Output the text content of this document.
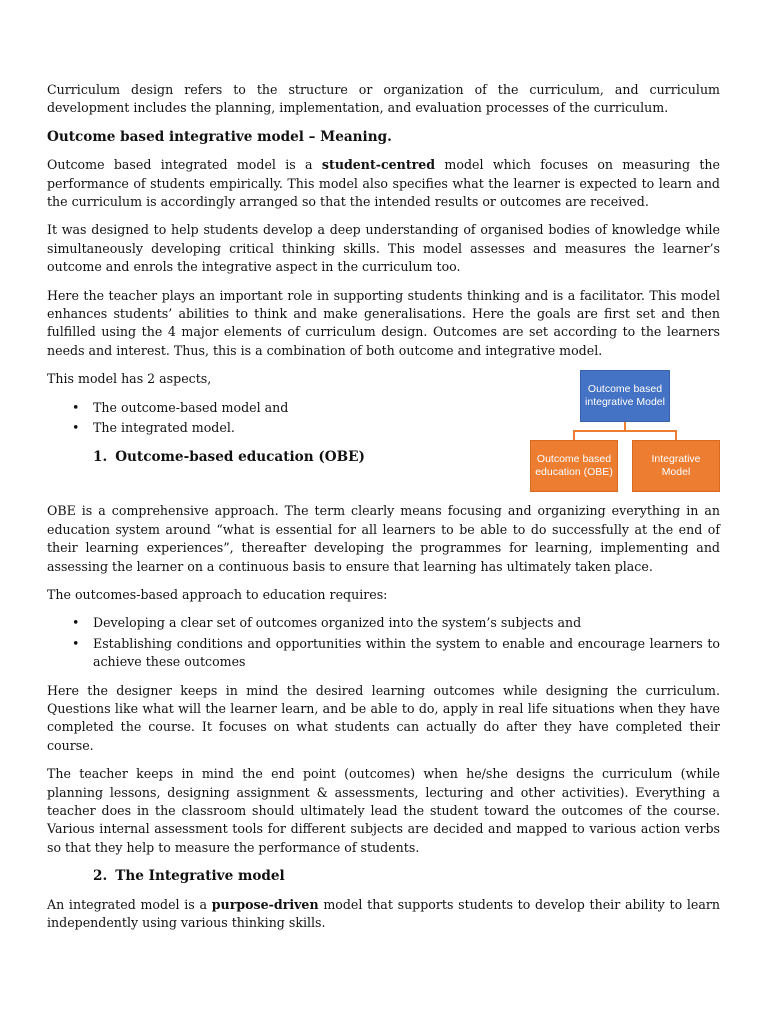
Curriculum design refers to the structure or organization of the curriculum, and curriculum development includes the planning, implementation, and evaluation processes of the curriculum.

Outcome based integrative model – Meaning.

Outcome based integrated model is a student-centred model which focuses on measuring the performance of students empirically. This model also specifies what the learner is expected to learn and the curriculum is accordingly arranged so that the intended results or outcomes are received.

It was designed to help students develop a deep understanding of organised bodies of knowledge while simultaneously developing critical thinking skills. This model assesses and measures the learner’s outcome and enrols the integrative aspect in the curriculum too.

Here the teacher plays an important role in supporting students thinking and is a facilitator. This model enhances students’ abilities to think and make generalisations. Here the goals are first set and then fulfilled using the 4 major elements of curriculum design. Outcomes are set according to the learners needs and interest. Thus, this is a combination of both outcome and integrative model.

Outcome based integrative Model
Outcome based education (OBE)
Integrative Model

This model has 2 aspects,

• The outcome-based model and
• The integrated model.
1. Outcome-based education (OBE)

OBE is a comprehensive approach. The term clearly means focusing and organizing everything in an education system around “what is essential for all learners to be able to do successfully at the end of their learning experiences”, thereafter developing the programmes for learning, implementing and assessing the learner on a continuous basis to ensure that learning has ultimately taken place.

The outcomes-based approach to education requires:

• Developing a clear set of outcomes organized into the system’s subjects and
• Establishing conditions and opportunities within the system to enable and encourage learners to achieve these outcomes

Here the designer keeps in mind the desired learning outcomes while designing the curriculum. Questions like what will the learner learn, and be able to do, apply in real life situations when they have completed the course. It focuses on what students can actually do after they have completed their course.

The teacher keeps in mind the end point (outcomes) when he/she designs the curriculum (while planning lessons, designing assignment & assessments, lecturing and other activities). Everything a teacher does in the classroom should ultimately lead the student toward the outcomes of the course. Various internal assessment tools for different subjects are decided and mapped to various action verbs so that they help to measure the performance of students.

2. The Integrative model

An integrated model is a purpose-driven model that supports students to develop their ability to learn independently using various thinking skills.
